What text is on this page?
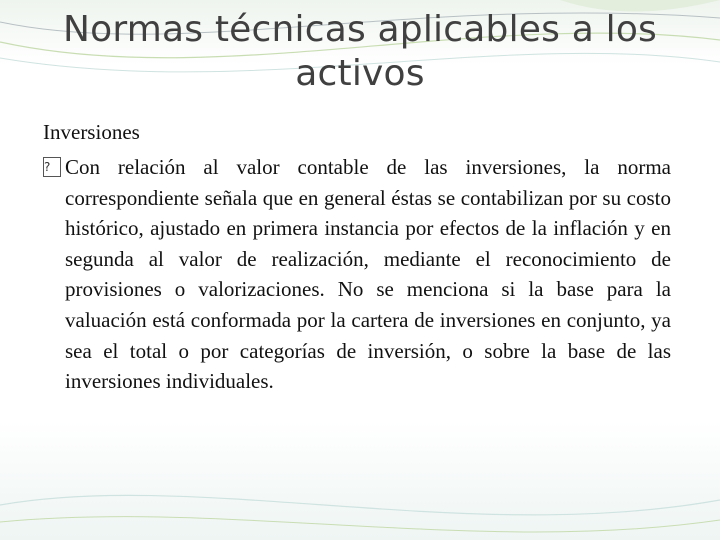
Normas técnicas aplicables a los activos
Inversiones
?Con relación al valor contable de las inversiones, la norma correspondiente señala que en general éstas se contabilizan por su costo histórico, ajustado en primera instancia por efectos de la inflación y en segunda al valor de realización, mediante el reconocimiento de provisiones o valorizaciones. No se menciona si la base para la valuación está conformada por la cartera de inversiones en conjunto, ya sea el total o por categorías de inversión, o sobre la base de las inversiones individuales.
